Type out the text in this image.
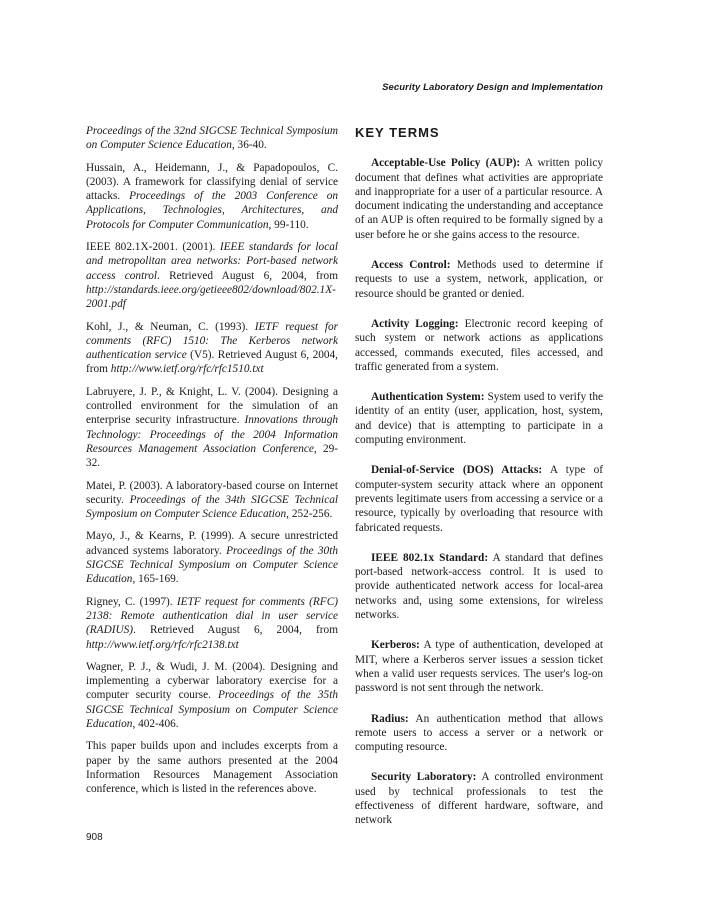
Security Laboratory Design and Implementation

Proceedings of the 32nd SIGCSE Technical Symposium on Computer Science Education, 36-40.

Hussain, A., Heidemann, J., & Papadopoulos, C. (2003). A framework for classifying denial of service attacks. Proceedings of the 2003 Conference on Applications, Technologies, Architectures, and Protocols for Computer Communication, 99-110.

IEEE 802.1X-2001. (2001). IEEE standards for local and metropolitan area networks: Port-based network access control. Retrieved August 6, 2004, from http://standards.ieee.org/getieee802/download/802.1X-2001.pdf

Kohl, J., & Neuman, C. (1993). IETF request for comments (RFC) 1510: The Kerberos network authentication service (V5). Retrieved August 6, 2004, from http://www.ietf.org/rfc/rfc1510.txt

Labruyere, J. P., & Knight, L. V. (2004). Designing a controlled environment for the simulation of an enterprise security infrastructure. Innovations through Technology: Proceedings of the 2004 Information Resources Management Association Conference, 29-32.

Matei, P. (2003). A laboratory-based course on Internet security. Proceedings of the 34th SIGCSE Technical Symposium on Computer Science Education, 252-256.

Mayo, J., & Kearns, P. (1999). A secure unrestricted advanced systems laboratory. Proceedings of the 30th SIGCSE Technical Symposium on Computer Science Education, 165-169.

Rigney, C. (1997). IETF request for comments (RFC) 2138: Remote authentication dial in user service (RADIUS). Retrieved August 6, 2004, from http://www.ietf.org/rfc/rfc2138.txt

Wagner, P. J., & Wudi, J. M. (2004). Designing and implementing a cyberwar laboratory exercise for a computer security course. Proceedings of the 35th SIGCSE Technical Symposium on Computer Science Education, 402-406.

This paper builds upon and includes excerpts from a paper by the same authors presented at the 2004 Information Resources Management Association conference, which is listed in the references above.

KEY TERMS

Acceptable-Use Policy (AUP): A written policy document that defines what activities are appropriate and inappropriate for a user of a particular resource. A document indicating the understanding and acceptance of an AUP is often required to be formally signed by a user before he or she gains access to the resource.

Access Control: Methods used to determine if requests to use a system, network, application, or resource should be granted or denied.

Activity Logging: Electronic record keeping of such system or network actions as applications accessed, commands executed, files accessed, and traffic generated from a system.

Authentication System: System used to verify the identity of an entity (user, application, host, system, and device) that is attempting to participate in a computing environment.

Denial-of-Service (DOS) Attacks: A type of computer-system security attack where an opponent prevents legitimate users from accessing a service or a resource, typically by overloading that resource with fabricated requests.

IEEE 802.1x Standard: A standard that defines port-based network-access control. It is used to provide authenticated network access for local-area networks and, using some extensions, for wireless networks.

Kerberos: A type of authentication, developed at MIT, where a Kerberos server issues a session ticket when a valid user requests services. The user's log-on password is not sent through the network.

Radius: An authentication method that allows remote users to access a server or a network or computing resource.

Security Laboratory: A controlled environment used by technical professionals to test the effectiveness of different hardware, software, and network

908
